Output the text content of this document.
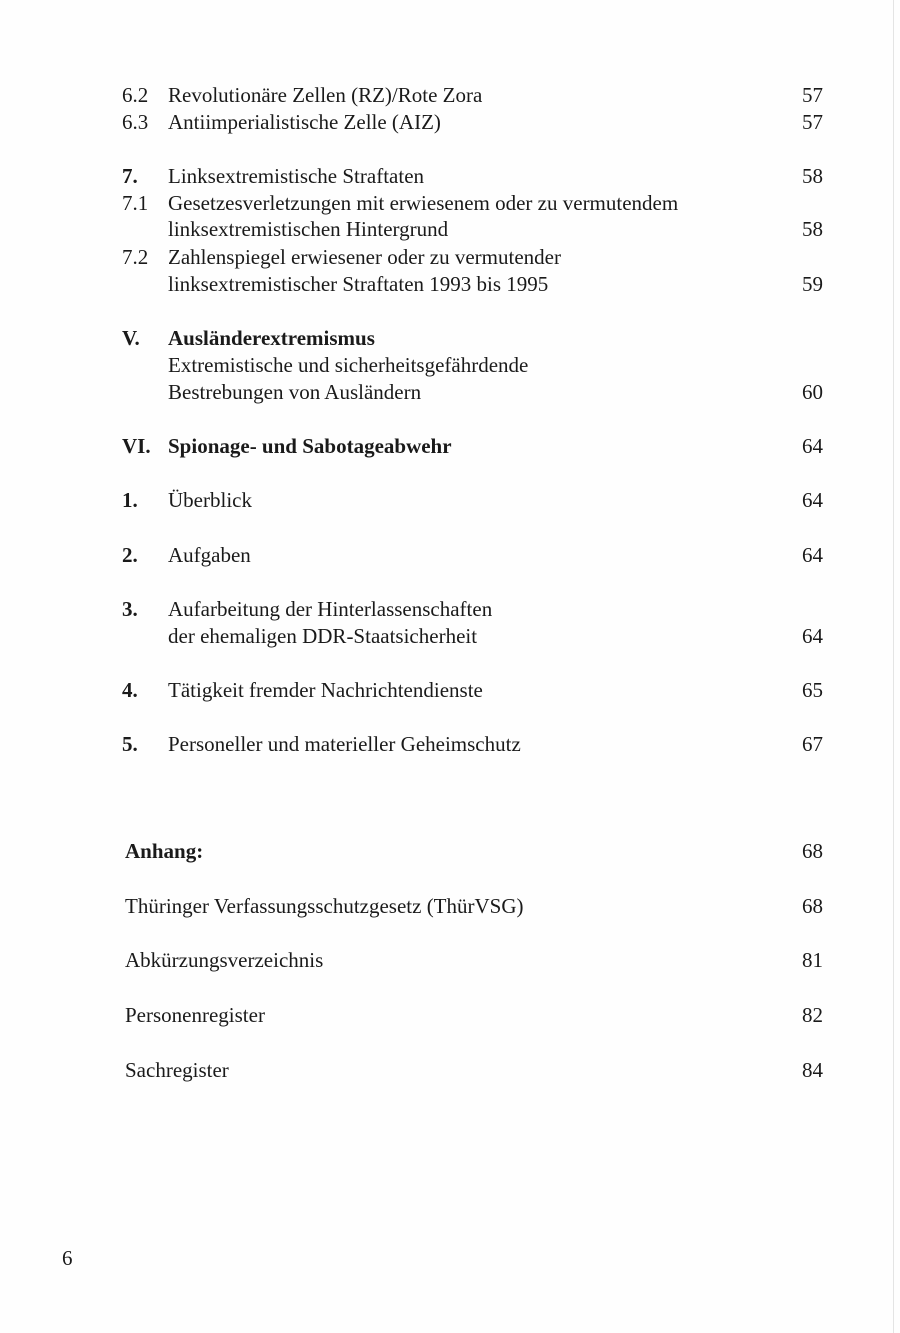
6.2 Revolutionäre Zellen (RZ)/Rote Zora	57
6.3 Antiimperialistische Zelle (AIZ)	57
7. Linksextremistische Straftaten	58
7.1 Gesetzesverletzungen mit erwiesenem oder zu vermutendem
linksextremistischen Hintergrund	58
7.2 Zahlenspiegel erwiesener oder zu vermutender
linksextremistischer Straftaten 1993 bis 1995	59
V. Ausländerextremismus
Extremistische und sicherheitsgefährdende
Bestrebungen von Ausländern	60
VI. Spionage- und Sabotageabwehr	64
1. Überblick	64
2. Aufgaben	64
3. Aufarbeitung der Hinterlassenschaften
der ehemaligen DDR-Staatsicherheit	64
4. Tätigkeit fremder Nachrichtendienste	65
5. Personeller und materieller Geheimschutz	67
Anhang:	68
Thüringer Verfassungsschutzgesetz (ThürVSG)	68
Abkürzungsverzeichnis	81
Personenregister	82
Sachregister	84
6
